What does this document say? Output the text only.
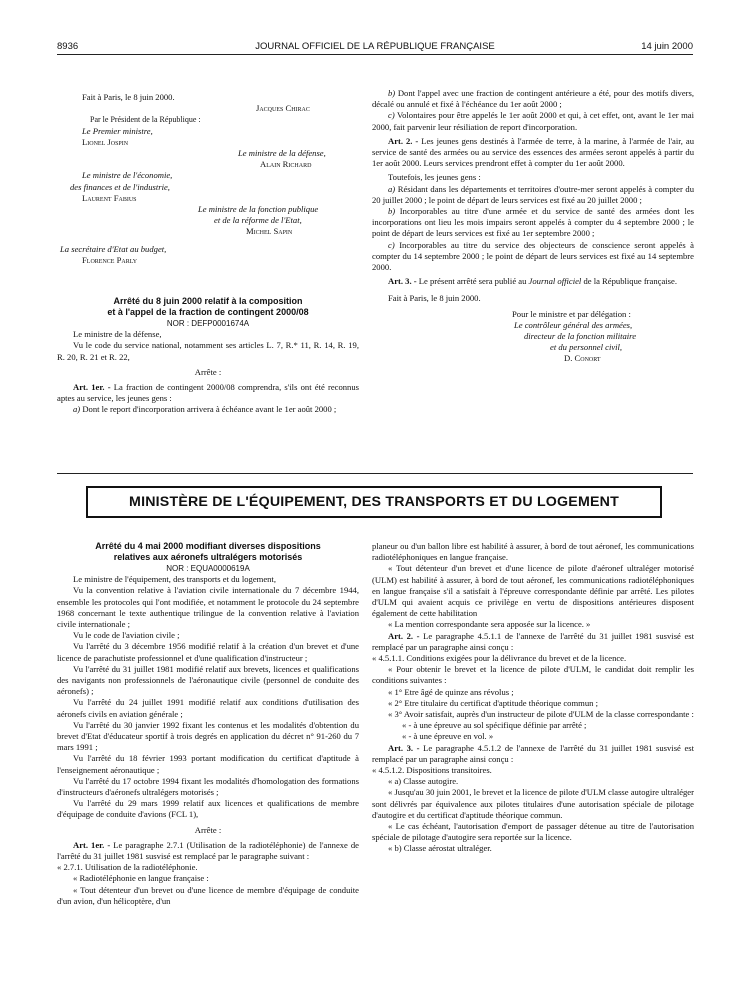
8936	JOURNAL OFFICIEL DE LA RÉPUBLIQUE FRANÇAISE	14 juin 2000

Fait à Paris, le 8 juin 2000.

Jacques Chirac

Par le Président de la République :

Le Premier ministre,

Lionel Jospin

Le ministre de la défense,

Alain Richard

Le ministre de l'économie,

des finances et de l'industrie,

Laurent Fabius

Le ministre de la fonction publique

et de la réforme de l'Etat,

Michel Sapin

La secrétaire d'Etat au budget,

Florence Parly

Arrêté du 8 juin 2000 relatif à la composition

et à l'appel de la fraction de contingent 2000/08

NOR : DEFP0001674A

Le ministre de la défense,

Vu le code du service national, notamment ses articles L. 7, R.* 11, R. 14, R. 19, R. 20, R. 21 et R. 22,

Arrête :

Art. 1er. - La fraction de contingent 2000/08 comprendra, s'ils ont été reconnus aptes au service, les jeunes gens :

a) Dont le report d'incorporation arrivera à échéance avant le 1er août 2000 ;

b) Dont l'appel avec une fraction de contingent antérieure a été, pour des motifs divers, décalé ou annulé et fixé à l'échéance du 1er août 2000 ;

c) Volontaires pour être appelés le 1er août 2000 et qui, à cet effet, ont, avant le 1er mai 2000, fait parvenir leur résiliation de report d'incorporation.

Art. 2. - Les jeunes gens destinés à l'armée de terre, à la marine, à l'armée de l'air, au service de santé des armées ou au service des essences des armées seront appelés à partir du 1er août 2000. Leurs services prendront effet à compter du 1er août 2000.

Toutefois, les jeunes gens :

a) Résidant dans les départements et territoires d'outre-mer seront appelés à compter du 20 juillet 2000 ; le point de départ de leurs services est fixé au 20 juillet 2000 ;

b) Incorporables au titre d'une armée et du service de santé des armées dont les incorporations ont lieu les mois impairs seront appelés à compter du 4 septembre 2000 ; le point de départ de leurs services est fixé au 1er septembre 2000 ;

c) Incorporables au titre du service des objecteurs de conscience seront appelés à compter du 14 septembre 2000 ; le point de départ de leurs services est fixé au 14 septembre 2000.

Art. 3. - Le présent arrêté sera publié au Journal officiel de la République française.

Fait à Paris, le 8 juin 2000.

Pour le ministre et par délégation :

Le contrôleur général des armées,

directeur de la fonction militaire

et du personnel civil,

D. Conort

MINISTÈRE DE L'ÉQUIPEMENT, DES TRANSPORTS ET DU LOGEMENT

Arrêté du 4 mai 2000 modifiant diverses dispositions

relatives aux aéronefs ultralégers motorisés

NOR : EQUA0000619A

Le ministre de l'équipement, des transports et du logement,

Vu la convention relative à l'aviation civile internationale du 7 décembre 1944, ensemble les protocoles qui l'ont modifiée, et notamment le protocole du 24 septembre 1968 concernant le texte authentique trilingue de la convention relative à l'aviation civile internationale ;

Vu le code de l'aviation civile ;

Vu l'arrêté du 3 décembre 1956 modifié relatif à la création d'un brevet et d'une licence de parachutiste professionnel et d'une qualification d'instructeur ;

Vu l'arrêté du 31 juillet 1981 modifié relatif aux brevets, licences et qualifications des navigants non professionnels de l'aéronautique civile (personnel de conduite des aéronefs) ;

Vu l'arrêté du 24 juillet 1991 modifié relatif aux conditions d'utilisation des aéronefs civils en aviation générale ;

Vu l'arrêté du 30 janvier 1992 fixant les contenus et les modalités d'obtention du brevet d'Etat d'éducateur sportif à trois degrés en application du décret n° 91-260 du 7 mars 1991 ;

Vu l'arrêté du 18 février 1993 portant modification du certificat d'aptitude à l'enseignement aéronautique ;

Vu l'arrêté du 17 octobre 1994 fixant les modalités d'homologation des formations d'instructeurs d'aéronefs ultralégers motorisés ;

Vu l'arrêté du 29 mars 1999 relatif aux licences et qualifications de membre d'équipage de conduite d'avions (FCL 1),

Arrête :

Art. 1er. - Le paragraphe 2.7.1 (Utilisation de la radiotéléphonie) de l'annexe de l'arrêté du 31 juillet 1981 susvisé est remplacé par le paragraphe suivant :

« 2.7.1. Utilisation de la radiotéléphonie.

« Radiotéléphonie en langue française :

« Tout détenteur d'un brevet ou d'une licence de membre d'équipage de conduite d'un avion, d'un hélicoptère, d'un

planeur ou d'un ballon libre est habilité à assurer, à bord de tout aéronef, les communications radiotéléphoniques en langue française.

« Tout détenteur d'un brevet et d'une licence de pilote d'aéronef ultraléger motorisé (ULM) est habilité à assurer, à bord de tout aéronef, les communications radiotéléphoniques en langue française s'il a satisfait à l'épreuve correspondante définie par arrêté. Les pilotes d'ULM qui avaient acquis ce privilège en vertu de dispositions antérieures disposent également de cette habilitation

« La mention correspondante sera apposée sur la licence. »

Art. 2. - Le paragraphe 4.5.1.1 de l'annexe de l'arrêté du 31 juillet 1981 susvisé est remplacé par un paragraphe ainsi conçu :

« 4.5.1.1. Conditions exigées pour la délivrance du brevet et de la licence.

« Pour obtenir le brevet et la licence de pilote d'ULM, le candidat doit remplir les conditions suivantes :

« 1° Etre âgé de quinze ans révolus ;

« 2° Etre titulaire du certificat d'aptitude théorique commun ;

« 3° Avoir satisfait, auprès d'un instructeur de pilote d'ULM de la classe correspondante :

« - à une épreuve au sol spécifique définie par arrêté ;

« - à une épreuve en vol. »

Art. 3. - Le paragraphe 4.5.1.2 de l'annexe de l'arrêté du 31 juillet 1981 susvisé est remplacé par un paragraphe ainsi conçu :

« 4.5.1.2. Dispositions transitoires.

« a) Classe autogire.

« Jusqu'au 30 juin 2001, le brevet et la licence de pilote d'ULM classe autogire ultraléger sont délivrés par équivalence aux pilotes titulaires d'une autorisation spéciale de pilotage d'autogire et du certificat d'aptitude théorique commun.

« Le cas échéant, l'autorisation d'emport de passager détenue au titre de l'autorisation spéciale de pilotage d'autogire sera reportée sur la licence.

« b) Classe aérostat ultraléger.
